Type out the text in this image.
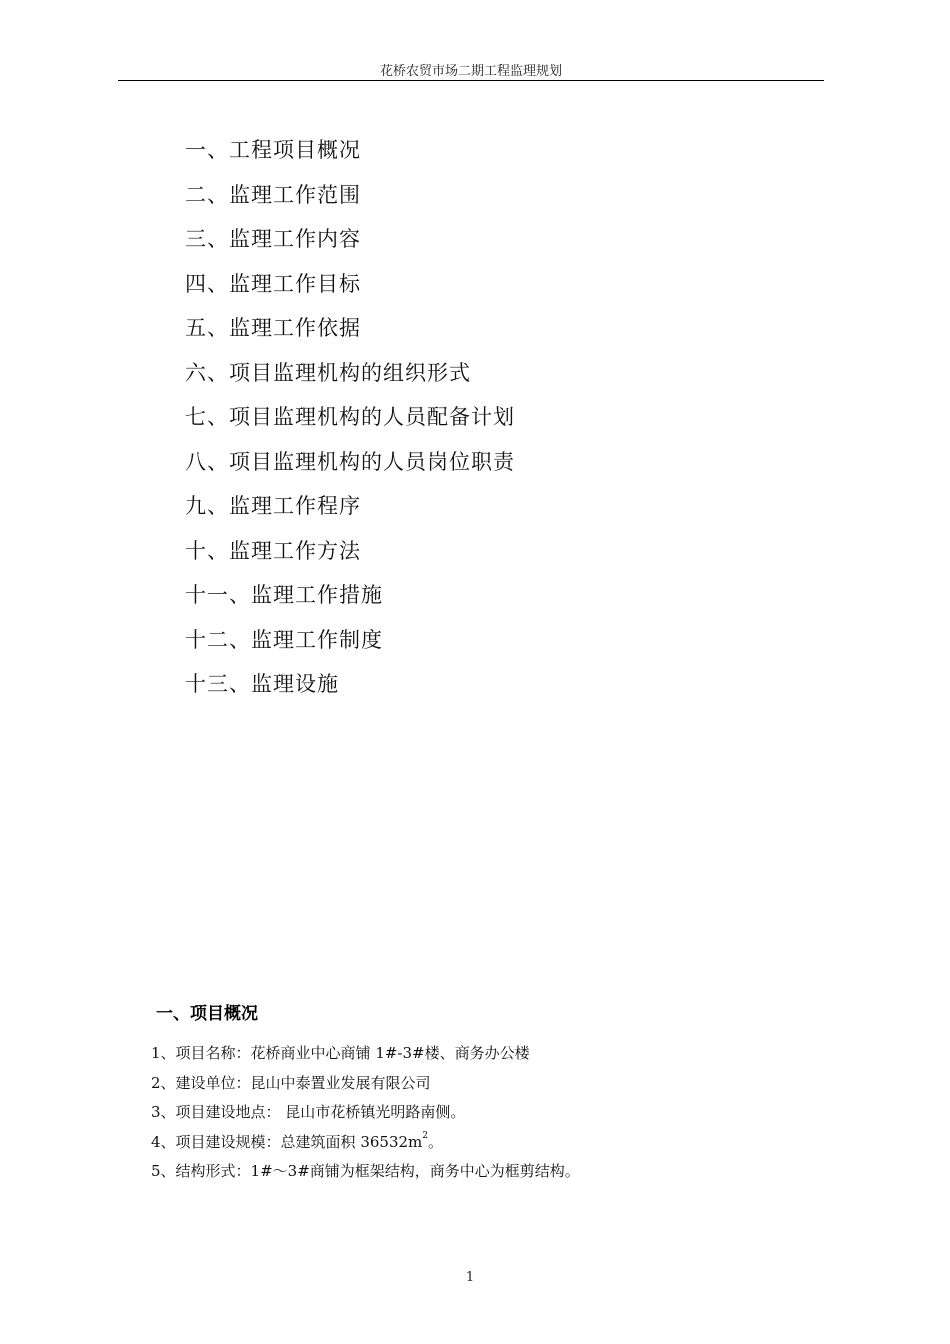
花桥农贸市场二期工程监理规划
一、工程项目概况
二、监理工作范围
三、监理工作内容
四、监理工作目标
五、监理工作依据
六、项目监理机构的组织形式
七、项目监理机构的人员配备计划
八、项目监理机构的人员岗位职责
九、监理工作程序
十、监理工作方法
十一、监理工作措施
十二、监理工作制度
十三、监理设施
一、项目概况
1、项目名称：花桥商业中心商铺 1#-3#楼、商务办公楼
2、建设单位：昆山中泰置业发展有限公司
3、项目建设地点： 昆山市花桥镇光明路南侧。
4、项目建设规模：总建筑面积 $36532m^2$。
5、结构形式：1#～3#商铺为框架结构，商务中心为框剪结构。
1
